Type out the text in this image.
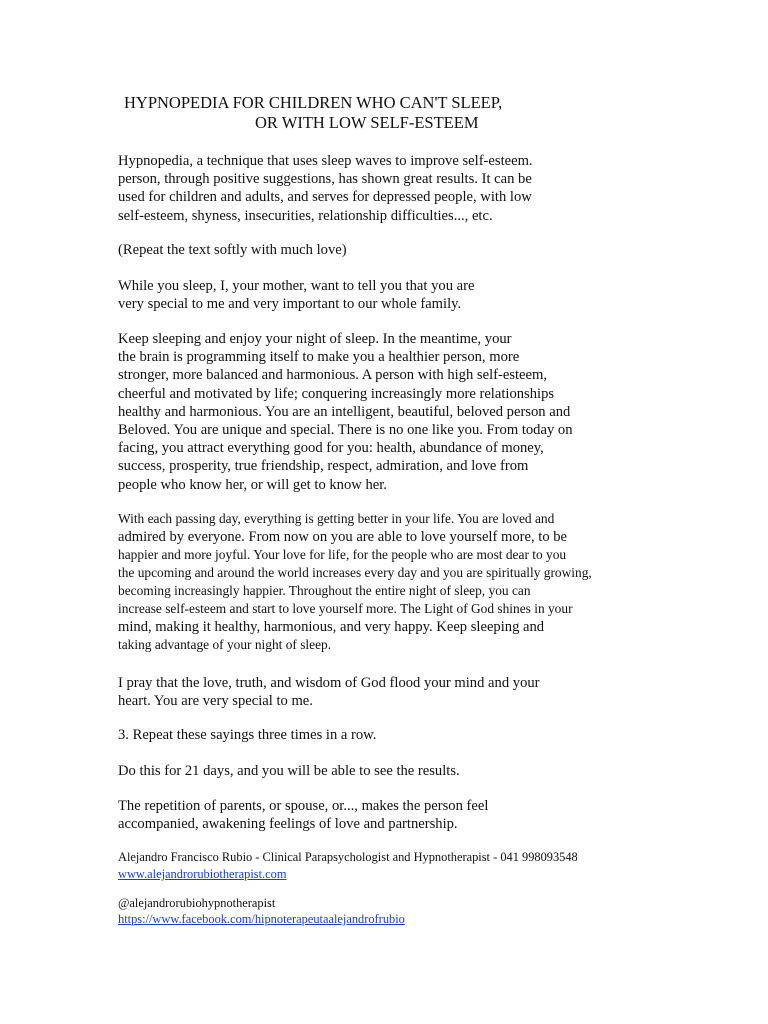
HYPNOPEDIA FOR CHILDREN WHO CAN'T SLEEP,
OR WITH LOW SELF-ESTEEM

Hypnopedia, a technique that uses sleep waves to improve self-esteem.
person, through positive suggestions, has shown great results. It can be
used for children and adults, and serves for depressed people, with low
self-esteem, shyness, insecurities, relationship difficulties..., etc.

(Repeat the text softly with much love)

While you sleep, I, your mother, want to tell you that you are
very special to me and very important to our whole family.

Keep sleeping and enjoy your night of sleep. In the meantime, your
the brain is programming itself to make you a healthier person, more
stronger, more balanced and harmonious. A person with high self-esteem,
cheerful and motivated by life; conquering increasingly more relationships
healthy and harmonious. You are an intelligent, beautiful, beloved person and
Beloved. You are unique and special. There is no one like you. From today on
facing, you attract everything good for you: health, abundance of money,
success, prosperity, true friendship, respect, admiration, and love from
people who know her, or will get to know her.

With each passing day, everything is getting better in your life. You are loved and
admired by everyone. From now on you are able to love yourself more, to be
happier and more joyful. Your love for life, for the people who are most dear to you
the upcoming and around the world increases every day and you are spiritually growing,
becoming increasingly happier. Throughout the entire night of sleep, you can
increase self-esteem and start to love yourself more. The Light of God shines in your
mind, making it healthy, harmonious, and very happy. Keep sleeping and
taking advantage of your night of sleep.

I pray that the love, truth, and wisdom of God flood your mind and your
heart. You are very special to me.

3. Repeat these sayings three times in a row.

Do this for 21 days, and you will be able to see the results.

The repetition of parents, or spouse, or..., makes the person feel
accompanied, awakening feelings of love and partnership.

Alejandro Francisco Rubio - Clinical Parapsychologist and Hypnotherapist - 041 998093548
www.alejandrorubiotherapist.com
@alejandrorubiohypnotherapist
https://www.facebook.com/hipnoterapeutaalejandrofrubio
